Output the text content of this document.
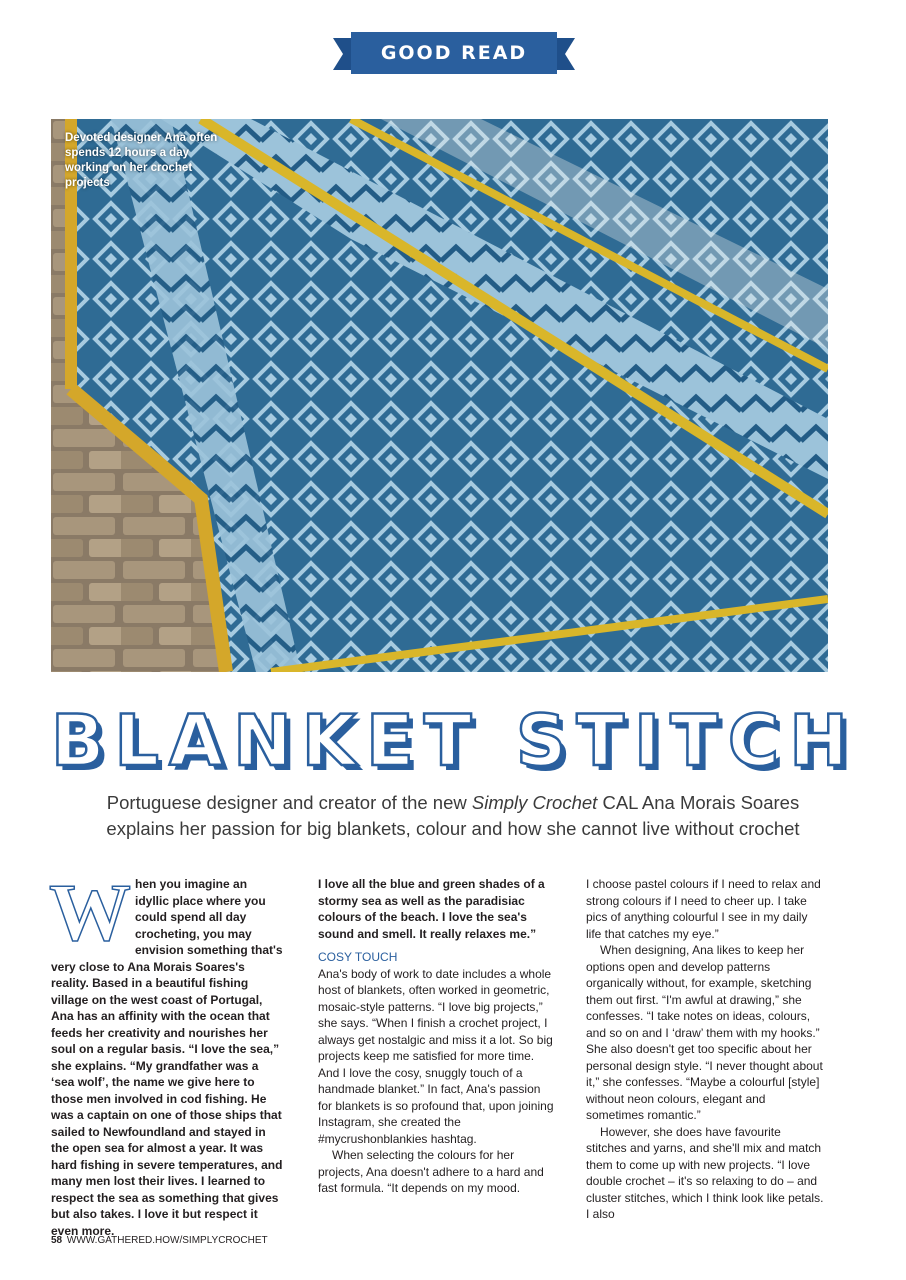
GOOD READ
Devoted designer Ana often spends 12 hours a day working on her crochet projects
BLANKET STITCH
Portuguese designer and creator of the new Simply Crochet CAL Ana Morais Soares
explains her passion for big blankets, colour and how she cannot live without crochet
W hen you imagine an idyllic place where you could spend all day crocheting, you may envision something that's very close to Ana Morais Soares's reality. Based in a beautiful fishing village on the west coast of Portugal, Ana has an affinity with the ocean that feeds her creativity and nourishes her soul on a regular basis. “I love the sea,” she explains. “My grandfather was a ‘sea wolf’, the name we give here to those men involved in cod fishing. He was a captain on one of those ships that sailed to Newfoundland and stayed in the open sea for almost a year. It was hard fishing in severe temperatures, and many men lost their lives. I learned to respect the sea as something that gives but also takes. I love it but respect it even more.

I love all the blue and green shades of a stormy sea as well as the paradisiac colours of the beach. I love the sea's sound and smell. It really relaxes me.”

COSY TOUCH

Ana's body of work to date includes a whole host of blankets, often worked in geometric, mosaic-style patterns. “I love big projects,” she says. “When I finish a crochet project, I always get nostalgic and miss it a lot. So big projects keep me satisfied for more time. And I love the cosy, snuggly touch of a handmade blanket.” In fact, Ana's passion for blankets is so profound that, upon joining Instagram, she created the #mycrushonblankies hashtag.

When selecting the colours for her projects, Ana doesn't adhere to a hard and fast formula. “It depends on my mood.

I choose pastel colours if I need to relax and strong colours if I need to cheer up. I take pics of anything colourful I see in my daily life that catches my eye.”

When designing, Ana likes to keep her options open and develop patterns organically without, for example, sketching them out first. “I'm awful at drawing,” she confesses. “I take notes on ideas, colours, and so on and I ‘draw’ them with my hooks.” She also doesn't get too specific about her personal design style. “I never thought about it,” she confesses. “Maybe a colourful [style] without neon colours, elegant and sometimes romantic.”

However, she does have favourite stitches and yarns, and she'll mix and match them to come up with new projects. “I love double crochet – it's so relaxing to do – and cluster stitches, which I think look like petals. I also

58 WWW.GATHERED.HOW/SIMPLYCROCHET
